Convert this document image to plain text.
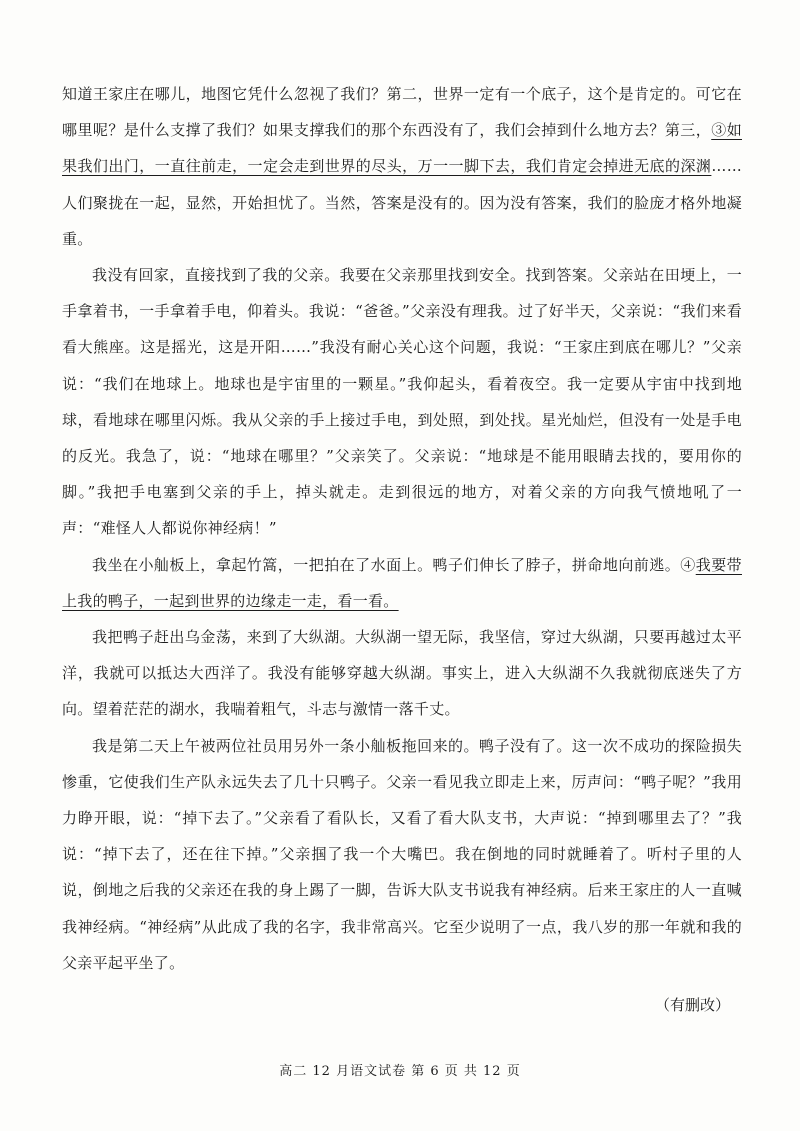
知道王家庄在哪儿，地图它凭什么忽视了我们？第二，世界一定有一个底子，这个是肯定的。可它在哪里呢？是什么支撑了我们？如果支撑我们的那个东西没有了，我们会掉到什么地方去？第三，③如果我们出门，一直往前走，一定会走到世界的尽头，万一一脚下去，我们肯定会掉进无底的深渊…… 人们聚拢在一起，显然，开始担忧了。当然，答案是没有的。因为没有答案，我们的脸庞才格外地凝重。

我没有回家，直接找到了我的父亲。我要在父亲那里找到安全。找到答案。父亲站在田埂上，一手拿着书，一手拿着手电，仰着头。我说：“爸爸。”父亲没有理我。过了好半天，父亲说：“我们来看看大熊座。这是摇光，这是开阳……”我没有耐心关心这个问题，我说：“王家庄到底在哪儿？”父亲说：“我们在地球上。地球也是宇宙里的一颗星。”我仰起头，看着夜空。我一定要从宇宙中找到地球，看地球在哪里闪烁。我从父亲的手上接过手电，到处照，到处找。星光灿烂，但没有一处是手电的反光。我急了，说：“地球在哪里？”父亲笑了。父亲说：“地球是不能用眼睛去找的，要用你的脚。”我把手电塞到父亲的手上，掉头就走。走到很远的地方，对着父亲的方向我气愤地吼了一声：“难怪人人都说你神经病！”

我坐在小舢板上，拿起竹篙，一把拍在了水面上。鸭子们伸长了脖子，拼命地向前逃。④我要带上我的鸭子，一起到世界的边缘走一走，看一看。

我把鸭子赶出乌金荡，来到了大纵湖。大纵湖一望无际，我坚信，穿过大纵湖，只要再越过太平洋，我就可以抵达大西洋了。我没有能够穿越大纵湖。事实上，进入大纵湖不久我就彻底迷失了方向。望着茫茫的湖水，我喘着粗气，斗志与激情一落千丈。

我是第二天上午被两位社员用另外一条小舢板拖回来的。鸭子没有了。这一次不成功的探险损失惨重，它使我们生产队永远失去了几十只鸭子。父亲一看见我立即走上来，厉声问：“鸭子呢？”我用力睁开眼，说：“掉下去了。”父亲看了看队长，又看了看大队支书，大声说：“掉到哪里去了？”我说：“掉下去了，还在往下掉。”父亲掴了我一个大嘴巴。我在倒地的同时就睡着了。听村子里的人说，倒地之后我的父亲还在我的身上踢了一脚，告诉大队支书说我有神经病。后来王家庄的人一直喊我神经病。“神经病”从此成了我的名字，我非常高兴。它至少说明了一点，我八岁的那一年就和我的父亲平起平坐了。

（有删改）
高二 12 月语文试卷 第 6 页 共 12 页
